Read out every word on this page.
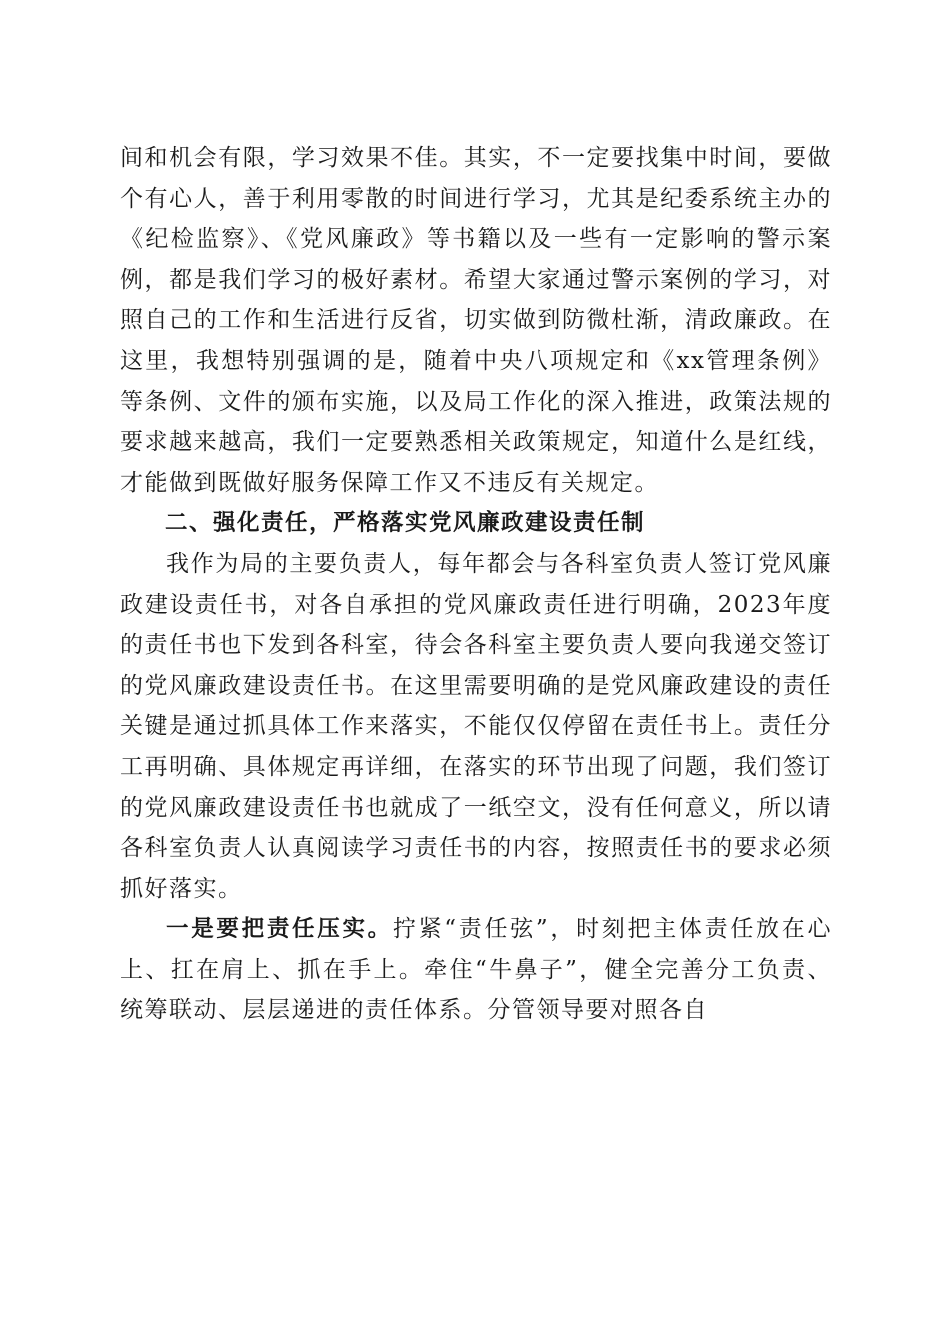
间和机会有限，学习效果不佳。其实，不一定要找集中时间，要做个有心人，善于利用零散的时间进行学习，尤其是纪委系统主办的《纪检监察》、《党风廉政》等书籍以及一些有一定影响的警示案例，都是我们学习的极好素材。希望大家通过警示案例的学习，对照自己的工作和生活进行反省，切实做到防微杜渐，清政廉政。在这里，我想特别强调的是，随着中央八项规定和《xx管理条例》等条例、文件的颁布实施，以及局工作化的深入推进，政策法规的要求越来越高，我们一定要熟悉相关政策规定，知道什么是红线，才能做到既做好服务保障工作又不违反有关规定。

二、强化责任，严格落实党风廉政建设责任制

我作为局的主要负责人，每年都会与各科室负责人签订党风廉政建设责任书，对各自承担的党风廉政责任进行明确，2023年度的责任书也下发到各科室，待会各科室主要负责人要向我递交签订的党风廉政建设责任书。在这里需要明确的是党风廉政建设的责任关键是通过抓具体工作来落实，不能仅仅停留在责任书上。责任分工再明确、具体规定再详细，在落实的环节出现了问题，我们签订的党风廉政建设责任书也就成了一纸空文，没有任何意义，所以请各科室负责人认真阅读学习责任书的内容，按照责任书的要求必须抓好落实。

一是要把责任压实。拧紧“责任弦”，时刻把主体责任放在心上、扛在肩上、抓在手上。牵住“牛鼻子”，健全完善分工负责、统筹联动、层层递进的责任体系。分管领导要对照各自
